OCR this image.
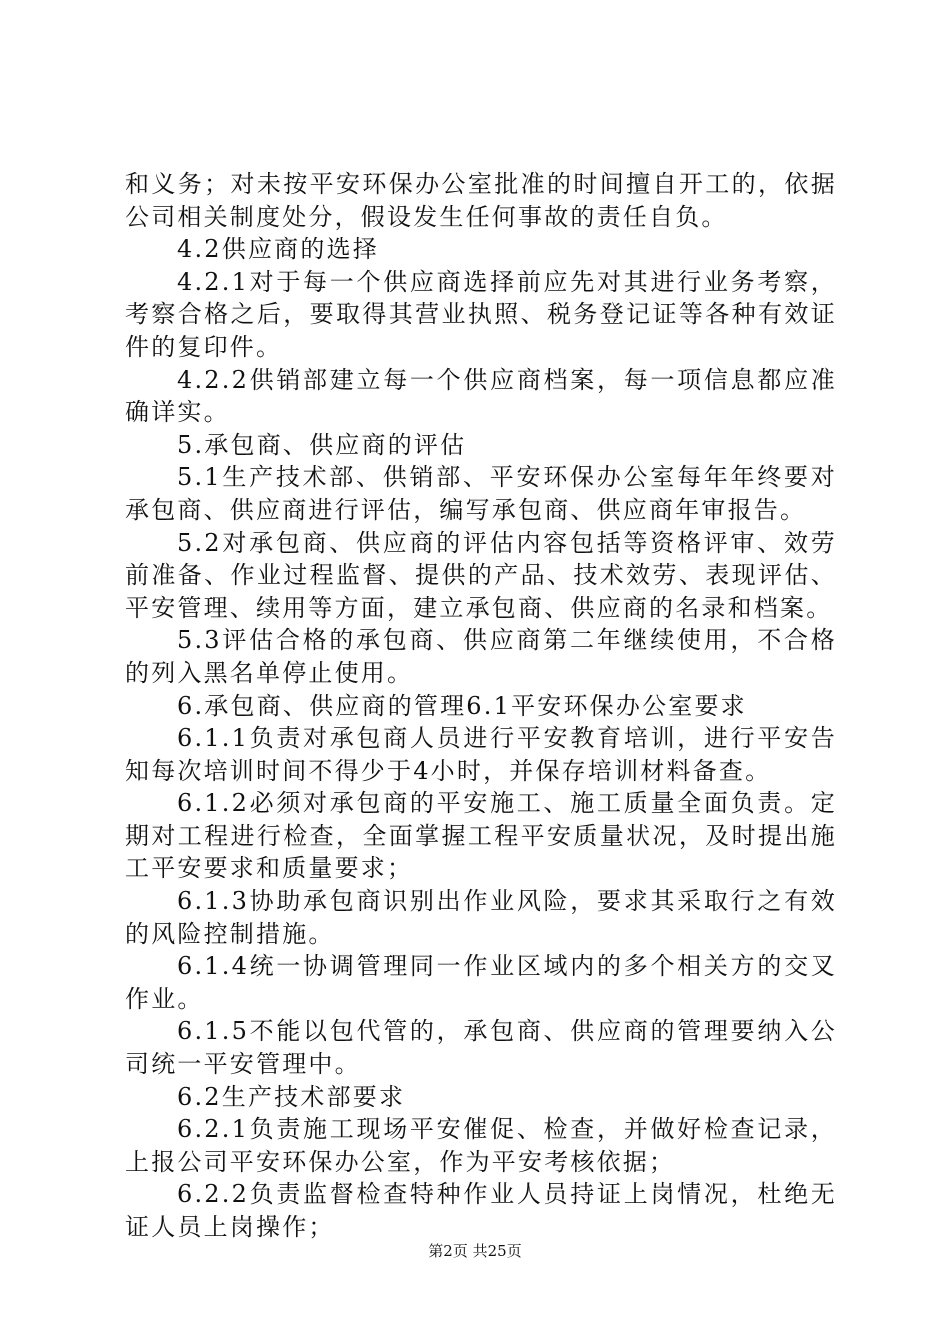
和义务；对未按平安环保办公室批准的时间擅自开工的，依据公司相关制度处分，假设发生任何事故的责任自负。

4.2供应商的选择

4.2.1对于每一个供应商选择前应先对其进行业务考察，考察合格之后，要取得其营业执照、税务登记证等各种有效证件的复印件。

4.2.2供销部建立每一个供应商档案，每一项信息都应准确详实。

5.承包商、供应商的评估

5.1生产技术部、供销部、平安环保办公室每年年终要对承包商、供应商进行评估，编写承包商、供应商年审报告。

5.2对承包商、供应商的评估内容包括等资格评审、效劳前准备、作业过程监督、提供的产品、技术效劳、表现评估、平安管理、续用等方面，建立承包商、供应商的名录和档案。

5.3评估合格的承包商、供应商第二年继续使用，不合格的列入黑名单停止使用。

6.承包商、供应商的管理6.1平安环保办公室要求

6.1.1负责对承包商人员进行平安教育培训，进行平安告知每次培训时间不得少于4小时，并保存培训材料备查。

6.1.2必须对承包商的平安施工、施工质量全面负责。定期对工程进行检查，全面掌握工程平安质量状况，及时提出施工平安要求和质量要求；

6.1.3协助承包商识别出作业风险，要求其采取行之有效的风险控制措施。

6.1.4统一协调管理同一作业区域内的多个相关方的交叉作业。

6.1.5不能以包代管的，承包商、供应商的管理要纳入公司统一平安管理中。

6.2生产技术部要求

6.2.1负责施工现场平安催促、检查，并做好检查记录，上报公司平安环保办公室，作为平安考核依据；

6.2.2负责监督检查特种作业人员持证上岗情况，杜绝无证人员上岗操作；

第2页 共25页
